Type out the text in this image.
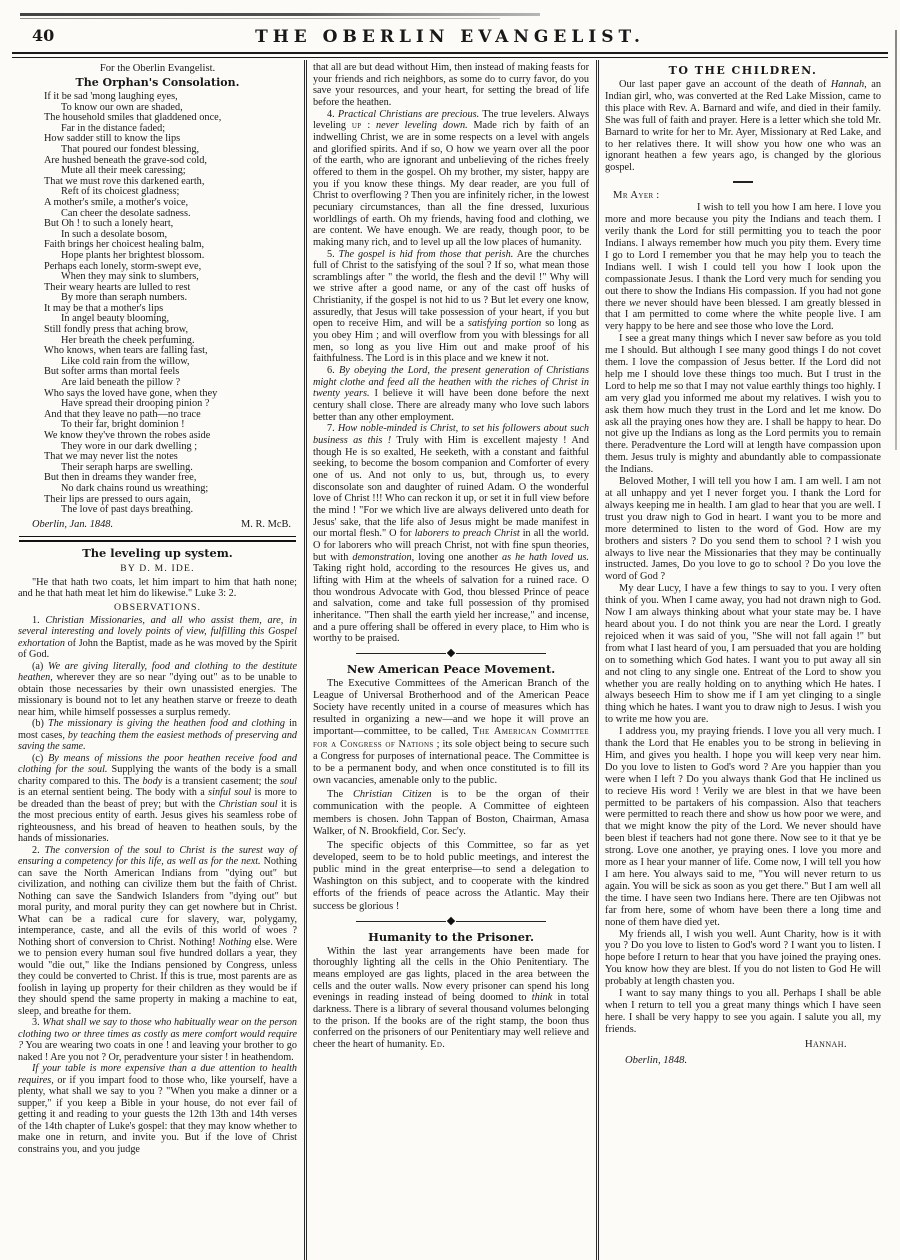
40	THE OBERLIN EVANGELIST.

For the Oberlin Evangelist.

The Orphan's Consolation.

If it be sad 'mong laughing eyes,

To know our own are shaded,

The household smiles that gladdened once,

Far in the distance faded;

How sadder still to know the lips

That poured our fondest blessing,

Are hushed beneath the grave-sod cold,

Mute all their meek caressing;

That we must rove this darkened earth,

Reft of its choicest gladness;

A mother's smile, a mother's voice,

Can cheer the desolate sadness.

But Oh ! to such a lonely heart,

In such a desolate bosom,

Faith brings her choicest healing balm,

Hope plants her brightest blossom.

Perhaps each lonely, storm-swept eve,

When they may sink to slumbers,

Their weary hearts are lulled to rest

By more than seraph numbers.

It may be that a mother's lips

In angel beauty blooming,

Still fondly press that aching brow,

Her breath the cheek perfuming.

Who knows, when tears are falling fast,

Like cold rain from the willow,

But softer arms than mortal feels

Are laid beneath the pillow ?

Who says the loved have gone, when they

Have spread their drooping pinion ?

And that they leave no path—no trace

To their far, bright dominion !

We know they've thrown the robes aside

They wore in our dark dwelling ;

That we may never list the notes

Their seraph harps are swelling.

But then in dreams they wander free,

No dark chains round us wreathing;

Their lips are pressed to ours again,

The love of past days breathing.

Oberlin, Jan. 1848.	M. R. McB.

The leveling up system.

BY D. M. IDE.

"He that hath two coats, let him impart to him that hath none; and he that hath meat let him do likewise." Luke 3: 2.

OBSERVATIONS.

1. Christian Missionaries, and all who assist them, are, in several interesting and lovely points of view, fulfilling this Gospel exhortation of John the Baptist, made as he was moved by the Spirit of God.

(a) We are giving literally, food and clothing to the destitute heathen, wherever they are so near "dying out" as to be unable to obtain those necessaries by their own unassisted energies. The missionary is bound not to let any heathen starve or freeze to death near him, while himself possesses a surplus remedy.

(b) The missionary is giving the heathen food and clothing in most cases, by teaching them the easiest methods of preserving and saving the same.

(c) By means of missions the poor heathen receive food and clothing for the soul. Supplying the wants of the body is a small charity compared to this. The body is a transient casement; the soul is an eternal sentient being. The body with a sinful soul is more to be dreaded than the beast of prey; but with the Christian soul it is the most precious entity of earth. Jesus gives his seamless robe of righteousness, and his bread of heaven to heathen souls, by the hands of missionaries.

2. The conversion of the soul to Christ is the surest way of ensuring a competency for this life, as well as for the next. Nothing can save the North American Indians from "dying out" but civilization, and nothing can civilize them but the faith of Christ. Nothing can save the Sandwich Islanders from "dying out" but moral purity, and moral purity they can get nowhere but in Christ. What can be a radical cure for slavery, war, polygamy, intemperance, caste, and all the evils of this world of woes ? Nothing short of conversion to Christ. Nothing! Nothing else. Were we to pension every human soul five hundred dollars a year, they would "die out," like the Indians pensioned by Congress, unless they could be converted to Christ. If this is true, most parents are as foolish in laying up property for their children as they would be if they should spend the same property in making a machine to eat, sleep, and breathe for them.

3. What shall we say to those who habitually wear on the person clothing two or three times as costly as mere comfort would require ? You are wearing two coats in one ! and leaving your brother to go naked ! Are you not ? Or, peradventure your sister ! in heathendom.

If your table is more expensive than a due attention to health requires, or if you impart food to those who, like yourself, have a plenty, what shall we say to you ? "When you make a dinner or a supper," if you keep a Bible in your house, do not ever fail of getting it and reading to your guests the 12th 13th and 14th verses of the 14th chapter of Luke's gospel: that they may know whether to make one in return, and invite you. But if the love of Christ constrains you, and you judge

that all are but dead without Him, then instead of making feasts for your friends and rich neighbors, as some do to curry favor, do you save your resources, and your heart, for setting the bread of life before the heathen.

4. Practical Christians are precious. The true levelers. Always leveling up : never leveling down. Made rich by faith of an indwelling Christ, we are in some respects on a level with angels and glorified spirits. And if so, O how we yearn over all the poor of the earth, who are ignorant and unbelieving of the riches freely offered to them in the gospel. Oh my brother, my sister, happy are you if you know these things. My dear reader, are you full of Christ to overflowing ? Then you are infinitely richer, in the lowest pecuniary circumstances, than all the fine dressed, luxurious worldlings of earth. Oh my friends, having food and clothing, we are content. We have enough. We are ready, though poor, to be making many rich, and to level up all the low places of humanity.

5. The gospel is hid from those that perish. Are the churches full of Christ to the satisfying of the soul ? If so, what mean those scramblings after " the world, the flesh and the devil !" Why will we strive after a good name, or any of the cast off husks of Christianity, if the gospel is not hid to us ? But let every one know, assuredly, that Jesus will take possession of your heart, if you but open to receive Him, and will be a satisfying portion so long as you obey Him ; and will overflow from you with blessings for all men, so long as you live Him out and make proof of his faithfulness. The Lord is in this place and we knew it not.

6. By obeying the Lord, the present generation of Christians might clothe and feed all the heathen with the riches of Christ in twenty years. I believe it will have been done before the next century shall close. There are already many who love such labors better than any other employment.

7. How noble-minded is Christ, to set his followers about such business as this ! Truly with Him is excellent majesty ! And though He is so exalted, He seeketh, with a constant and faithful seeking, to become the bosom companion and Comforter of every one of us. And not only to us, but, through us, to every disconsolate son and daughter of ruined Adam. O the wonderful love of Christ !!! Who can reckon it up, or set it in full view before the mind ! "For we which live are always delivered unto death for Jesus' sake, that the life also of Jesus might be made manifest in our mortal flesh." O for laborers to preach Christ in all the world. O for laborers who will preach Christ, not with fine spun theories, but with demonstration, loving one another as he hath loved us. Taking right hold, according to the resources He gives us, and lifting with Him at the wheels of salvation for a ruined race. O thou wondrous Advocate with God, thou blessed Prince of peace and salvation, come and take full possession of thy promised inheritance. "Then shall the earth yield her increase," and incense, and a pure offering shall be offered in every place, to Him who is worthy to be praised.

New American Peace Movement.

The Executive Committees of the American Branch of the League of Universal Brotherhood and of the American Peace Society have recently united in a course of measures which has resulted in organizing a new—and we hope it will prove an important—committee, to be called, The American Committee for a Congress of Nations ; its sole object being to secure such a Congress for purposes of international peace. The Committee is to be a permanent body, and when once constituted is to fill its own vacancies, amenable only to the public.

The Christian Citizen is to be the organ of their communication with the people. A Committee of eighteen members is chosen. John Tappan of Boston, Chairman, Amasa Walker, of N. Brookfield, Cor. Sec'y.

The specific objects of this Committee, so far as yet developed, seem to be to hold public meetings, and interest the public mind in the great enterprise—to send a delegation to Washington on this subject, and to cooperate with the kindred efforts of the friends of peace across the Atlantic. May their success be glorious !

Humanity to the Prisoner.

Within the last year arrangements have been made for thoroughly lighting all the cells in the Ohio Penitentiary. The means employed are gas lights, placed in the area between the cells and the outer walls. Now every prisoner can spend his long evenings in reading instead of being doomed to think in total darkness. There is a library of several thousand volumes belonging to the prison. If the books are of the right stamp, the boon thus conferred on the prisoners of our Penitentiary may well relieve and cheer the heart of humanity. Ed.

TO THE CHILDREN.

Our last paper gave an account of the death of Hannah, an Indian girl, who, was converted at the Red Lake Mission, came to this place with Rev. A. Barnard and wife, and died in their family. She was full of faith and prayer. Here is a letter which she told Mr. Barnard to write for her to Mr. Ayer, Missionary at Red Lake, and to her relatives there. It will show you how one who was an ignorant heathen a few years ago, is changed by the glorious gospel.

Mr Ayer :

I wish to tell you how I am here. I love you more and more because you pity the Indians and teach them. I verily thank the Lord for still permitting you to teach the poor Indians. I always remember how much you pity them. Every time I go to Lord I remember you that he may help you to teach the Indians well. I wish I could tell you how I look upon the compassionate Jesus. I thank the Lord very much for sending you out there to show the Indians His compassion. If you had not gone there we never should have been blessed. I am greatly blessed in that I am permitted to come where the white people live. I am very happy to be here and see those who love the Lord.

I see a great many things which I never saw before as you told me I should. But although I see many good things I do not covet them. I love the compassion of Jesus better. If the Lord did not help me I should love these things too much. But I trust in the Lord to help me so that I may not value earthly things too highly. I am very glad you informed me about my relatives. I wish you to ask them how much they trust in the Lord and let me know. Do ask all the praying ones how they are. I shall be happy to hear. Do not give up the Indians as long as the Lord permits you to remain there. Peradventure the Lord will at length have compassion upon them. Jesus truly is mighty and abundantly able to compassionate the Indians.

Beloved Mother, I will tell you how I am. I am well. I am not at all unhappy and yet I never forget you. I thank the Lord for always keeping me in health. I am glad to hear that you are well. I trust you draw nigh to God in heart. I want you to be more and more determined to listen to the word of God. How are my brothers and sisters ? Do you send them to school ? I wish you always to live near the Missionaries that they may be continually instructed. James, Do you love to go to school ? Do you love the word of God ?

My dear Lucy, I have a few things to say to you. I very often think of you. When I came away, you had not drawn nigh to God. Now I am always thinking about what your state may be. I have heard about you. I do not think you are near the Lord. I greatly rejoiced when it was said of you, "She will not fall again !" but from what I last heard of you, I am persuaded that you are holding on to something which God hates. I want you to put away all sin and not cling to any single one. Entreat of the Lord to show you whether you are really holding on to anything which He hates. I always beseech Him to show me if I am yet clinging to a single thing which he hates. I want you to draw nigh to Jesus. I wish you to write me how you are.

I address you, my praying friends. I love you all very much. I thank the Lord that He enables you to be strong in believing in Him, and gives you health. I hope you will keep very near him. Do you love to listen to God's word ? Are you happier than you were when I left ? Do you always thank God that He inclined us to recieve His word ! Verily we are blest in that we have been permitted to be partakers of his compassion. Also that teachers were permitted to reach there and show us how poor we were, and that we might know the pity of the Lord. We never should have been blest if teachers had not gone there. Now see to it that ye be strong. Love one another, ye praying ones. I love you more and more as I hear your manner of life. Come now, I will tell you how I am here. You always said to me, "You will never return to us again. You will be sick as soon as you get there." But I am well all the time. I have seen two Indians here. There are ten Ojibwas not far from here, some of whom have been there a long time and none of them have died yet.

My friends all, I wish you well. Aunt Charity, how is it with you ? Do you love to listen to God's word ? I want you to listen. I hope before I return to hear that you have joined the praying ones. You know how they are blest. If you do not listen to God He will probably at length chasten you.

I want to say many things to you all. Perhaps I shall be able when I return to tell you a great many things which I have seen here. I shall be very happy to see you again. I salute you all, my friends.

Hannah.

Oberlin, 1848.
